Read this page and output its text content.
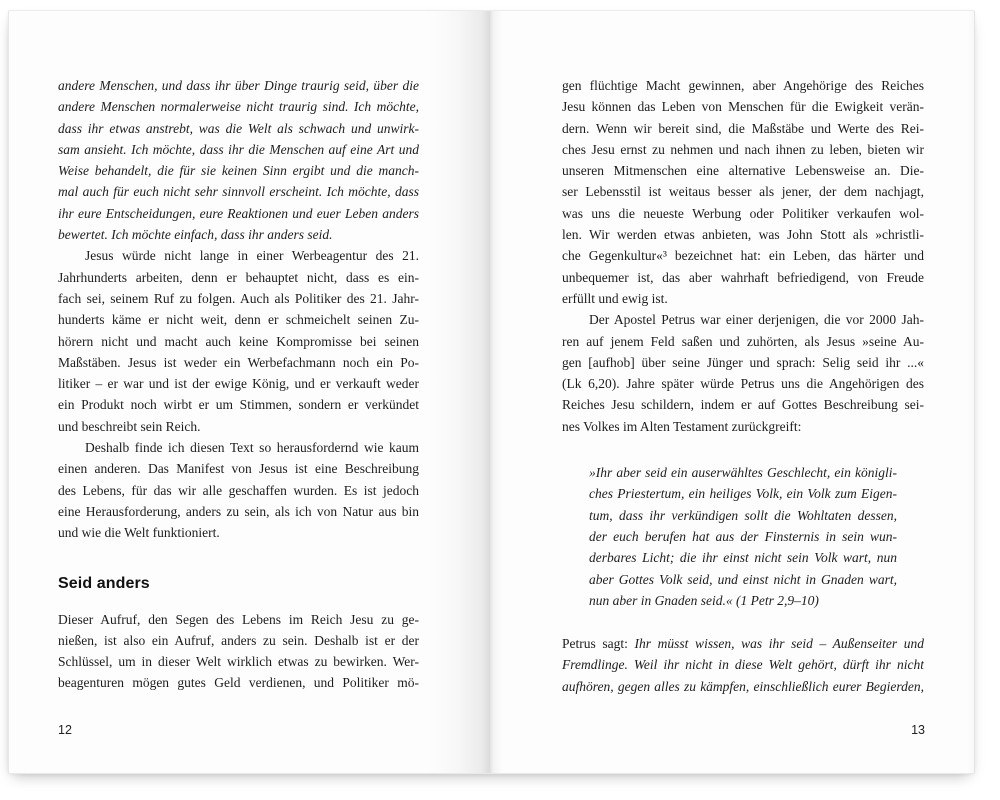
andere Menschen, und dass ihr über Dinge traurig seid, über die
andere Menschen normalerweise nicht traurig sind. Ich möchte,
dass ihr etwas anstrebt, was die Welt als schwach und unwirk-
sam ansieht. Ich möchte, dass ihr die Menschen auf eine Art und
Weise behandelt, die für sie keinen Sinn ergibt und die manch-
mal auch für euch nicht sehr sinnvoll erscheint. Ich möchte, dass
ihr eure Entscheidungen, eure Reaktionen und euer Leben anders
bewertet. Ich möchte einfach, dass ihr anders seid.
Jesus würde nicht lange in einer Werbeagentur des 21.
Jahrhunderts arbeiten, denn er behauptet nicht, dass es ein-
fach sei, seinem Ruf zu folgen. Auch als Politiker des 21. Jahr-
hunderts käme er nicht weit, denn er schmeichelt seinen Zu-
hörern nicht und macht auch keine Kompromisse bei seinen
Maßstäben. Jesus ist weder ein Werbefachmann noch ein Po-
litiker – er war und ist der ewige König, und er verkauft weder
ein Produkt noch wirbt er um Stimmen, sondern er verkündet
und beschreibt sein Reich.
Deshalb finde ich diesen Text so herausfordernd wie kaum
einen anderen. Das Manifest von Jesus ist eine Beschreibung
des Lebens, für das wir alle geschaffen wurden. Es ist jedoch
eine Herausforderung, anders zu sein, als ich von Natur aus bin
und wie die Welt funktioniert.
Seid anders
Dieser Aufruf, den Segen des Lebens im Reich Jesu zu ge-
nießen, ist also ein Aufruf, anders zu sein. Deshalb ist er der
Schlüssel, um in dieser Welt wirklich etwas zu bewirken. Wer-
beagenturen mögen gutes Geld verdienen, und Politiker mö-
12
gen flüchtige Macht gewinnen, aber Angehörige des Reiches
Jesu können das Leben von Menschen für die Ewigkeit verän-
dern. Wenn wir bereit sind, die Maßstäbe und Werte des Rei-
ches Jesu ernst zu nehmen und nach ihnen zu leben, bieten wir
unseren Mitmenschen eine alternative Lebensweise an. Die-
ser Lebensstil ist weitaus besser als jener, der dem nachjagt,
was uns die neueste Werbung oder Politiker verkaufen wol-
len. Wir werden etwas anbieten, was John Stott als »christli-
che Gegenkultur«³ bezeichnet hat: ein Leben, das härter und
unbequemer ist, das aber wahrhaft befriedigend, von Freude
erfüllt und ewig ist.
Der Apostel Petrus war einer derjenigen, die vor 2000 Jah-
ren auf jenem Feld saßen und zuhörten, als Jesus »seine Au-
gen [aufhob] über seine Jünger und sprach: Selig seid ihr ...«
(Lk 6,20). Jahre später würde Petrus uns die Angehörigen des
Reiches Jesu schildern, indem er auf Gottes Beschreibung sei-
nes Volkes im Alten Testament zurückgreift:
»Ihr aber seid ein auserwähltes Geschlecht, ein königli-
ches Priestertum, ein heiliges Volk, ein Volk zum Eigen-
tum, dass ihr verkündigen sollt die Wohltaten dessen,
der euch berufen hat aus der Finsternis in sein wun-
derbares Licht; die ihr einst nicht sein Volk wart, nun
aber Gottes Volk seid, und einst nicht in Gnaden wart,
nun aber in Gnaden seid.« (1 Petr 2,9–10)
Petrus sagt: Ihr müsst wissen, was ihr seid – Außenseiter und
Fremdlinge. Weil ihr nicht in diese Welt gehört, dürft ihr nicht
aufhören, gegen alles zu kämpfen, einschließlich eurer Begierden,
13
